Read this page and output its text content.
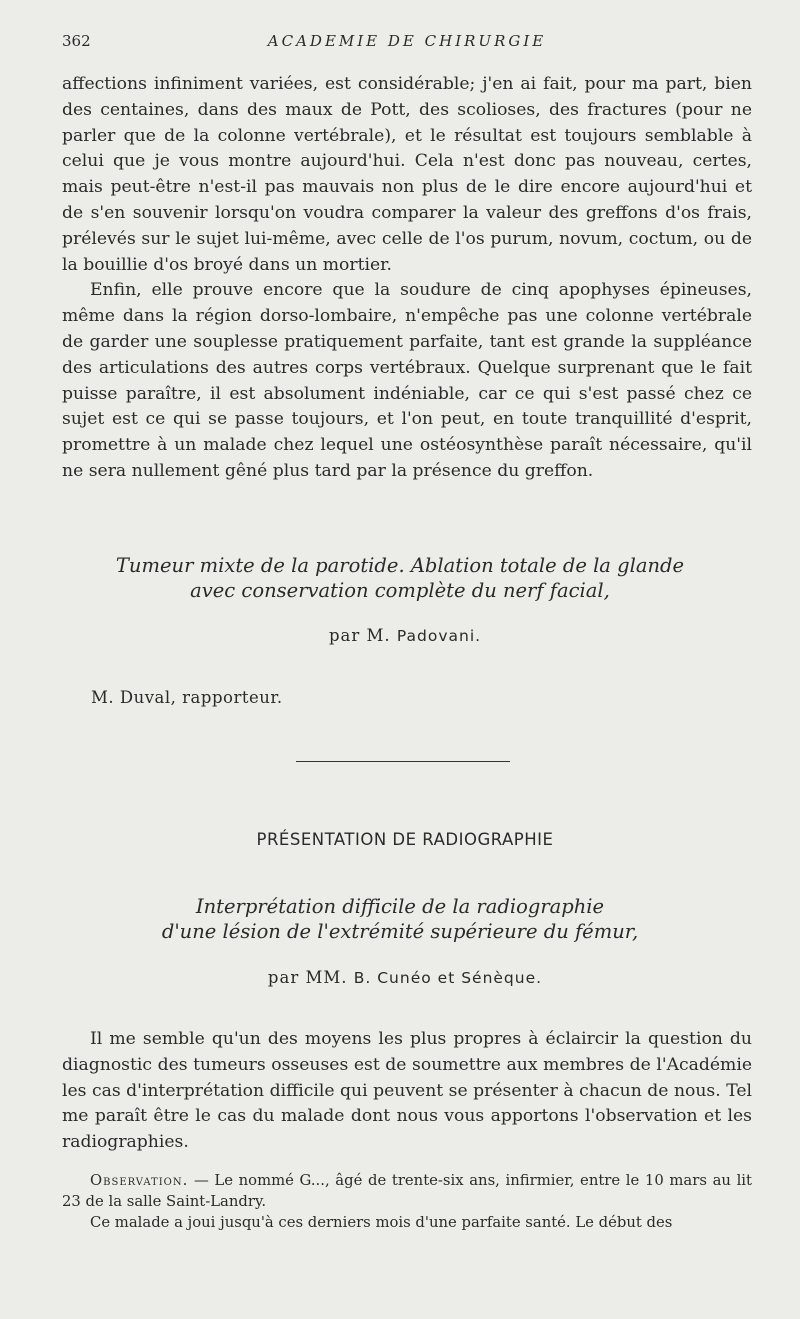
362	ACADEMIE DE CHIRURGIE

affections infiniment variées, est considérable; j'en ai fait, pour ma part, bien des centaines, dans des maux de Pott, des scolioses, des fractures (pour ne parler que de la colonne vertébrale), et le résultat est toujours semblable à celui que je vous montre aujourd'hui. Cela n'est donc pas nouveau, certes, mais peut-être n'est-il pas mauvais non plus de le dire encore aujourd'hui et de s'en souvenir lorsqu'on voudra comparer la valeur des greffons d'os frais, prélevés sur le sujet lui-même, avec celle de l'os purum, novum, coctum, ou de la bouillie d'os broyé dans un mortier.

Enfin, elle prouve encore que la soudure de cinq apophyses épineuses, même dans la région dorso-lombaire, n'empêche pas une colonne vertébrale de garder une souplesse pratiquement parfaite, tant est grande la suppléance des articulations des autres corps vertébraux. Quelque surprenant que le fait puisse paraître, il est absolument indéniable, car ce qui s'est passé chez ce sujet est ce qui se passe toujours, et l'on peut, en toute tranquillité d'esprit, promettre à un malade chez lequel une ostéosynthèse paraît nécessaire, qu'il ne sera nullement gêné plus tard par la présence du greffon.

Tumeur mixte de la parotide. Ablation totale de la glande
avec conservation complète du nerf facial,
par M. Padovani.
M. Duval, rapporteur.
PRÉSENTATION DE RADIOGRAPHIE
Interprétation difficile de la radiographie
d'une lésion de l'extrémité supérieure du fémur,
par MM. B. Cunéo et Sénèque.

Il me semble qu'un des moyens les plus propres à éclaircir la question du diagnostic des tumeurs osseuses est de soumettre aux membres de l'Académie les cas d'interprétation difficile qui peuvent se présenter à chacun de nous. Tel me paraît être le cas du malade dont nous vous apportons l'observation et les radiographies.

Observation. — Le nommé G..., âgé de trente-six ans, infirmier, entre le 10 mars au lit 23 de la salle Saint-Landry.

Ce malade a joui jusqu'à ces derniers mois d'une parfaite santé. Le début des
